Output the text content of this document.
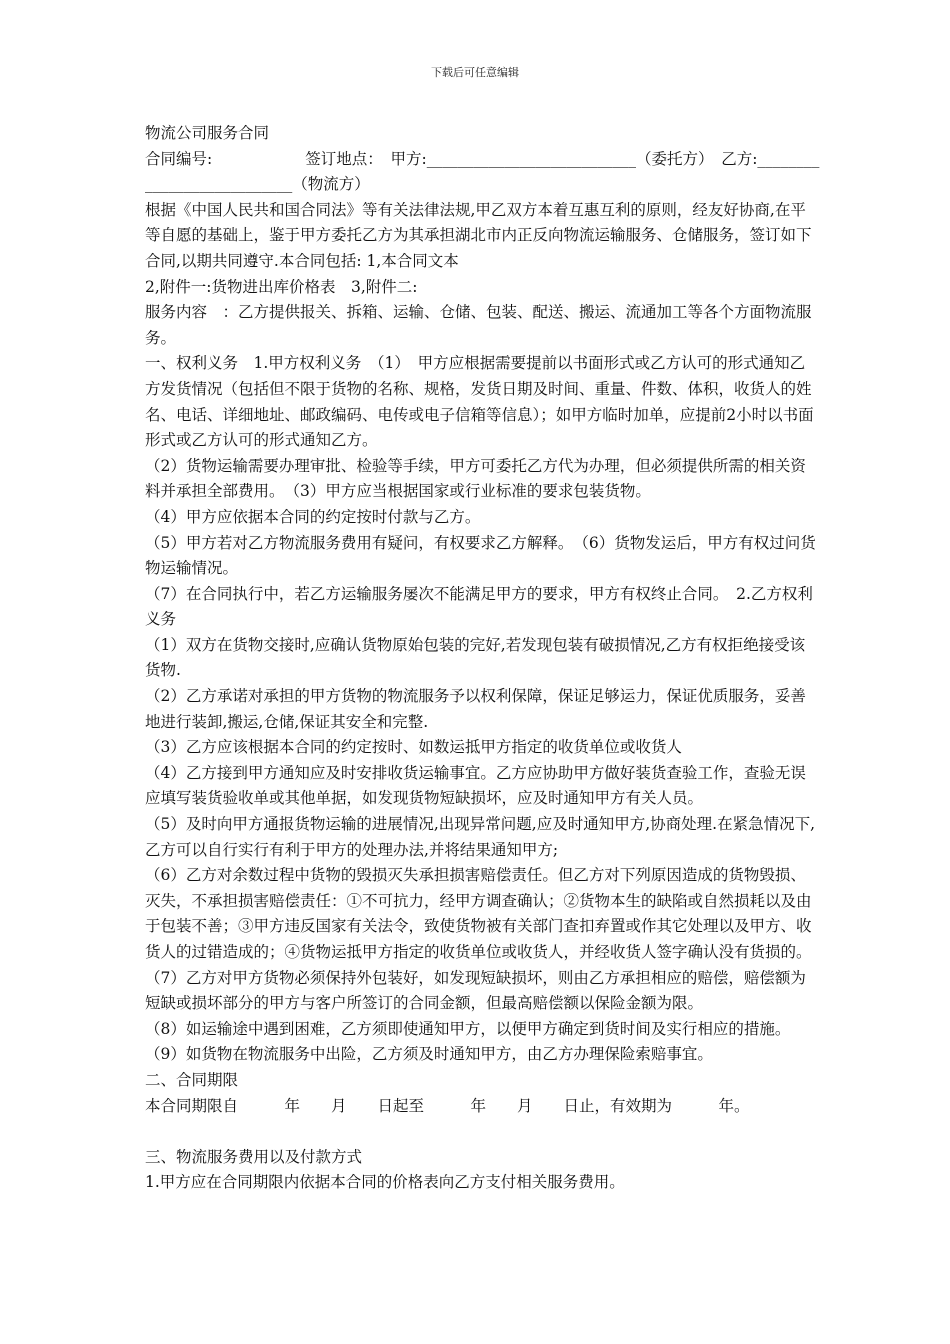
下载后可任意编辑

物流公司服务合同

合同编号:　　　　　　签订地点：　甲方:___________________________（委托方）　乙方:___________________________（物流方）

根据《中国人民共和国合同法》等有关法律法规,甲乙双方本着互惠互利的原则，经友好协商,在平等自愿的基础上，鉴于甲方委托乙方为其承担湖北市内正反向物流运输服务、仓储服务，签订如下合同,以期共同遵守.本合同包括: 1,本合同文本

2,附件一:货物进出库价格表　3,附件二:

服务内容　：乙方提供报关、拆箱、运输、仓储、包装、配送、搬运、流通加工等各个方面物流服务。

一、权利义务　1.甲方权利义务　（1）　甲方应根据需要提前以书面形式或乙方认可的形式通知乙方发货情况（包括但不限于货物的名称、规格，发货日期及时间、重量、件数、体积，收货人的姓名、电话、详细地址、邮政编码、电传或电子信箱等信息）；如甲方临时加单，应提前2小时以书面形式或乙方认可的形式通知乙方。

（2）货物运输需要办理审批、检验等手续，甲方可委托乙方代为办理，但必须提供所需的相关资料并承担全部费用。　（3）甲方应当根据国家或行业标准的要求包装货物。

（4）甲方应依据本合同的约定按时付款与乙方。

（5）甲方若对乙方物流服务费用有疑问，有权要求乙方解释。　（6）货物发运后，甲方有权过问货物运输情况。

（7）在合同执行中，若乙方运输服务屡次不能满足甲方的要求，甲方有权终止合同。　2.乙方权利义务

（1）双方在货物交接时,应确认货物原始包装的完好,若发现包装有破损情况,乙方有权拒绝接受该货物.

（2）乙方承诺对承担的甲方货物的物流服务予以权利保障，保证足够运力，保证优质服务，妥善地进行装卸,搬运,仓储,保证其安全和完整.

（3）乙方应该根据本合同的约定按时、如数运抵甲方指定的收货单位或收货人

（4）乙方接到甲方通知应及时安排收货运输事宜。乙方应协助甲方做好装货查验工作，查验无误应填写装货验收单或其他单据，如发现货物短缺损坏，应及时通知甲方有关人员。

（5）及时向甲方通报货物运输的进展情况,出现异常问题,应及时通知甲方,协商处理.在紧急情况下,乙方可以自行实行有利于甲方的处理办法,并将结果通知甲方;

（6）乙方对余数过程中货物的毁损灭失承担损害赔偿责任。但乙方对下列原因造成的货物毁损、灭失，不承担损害赔偿责任：①不可抗力，经甲方调查确认；②货物本生的缺陷或自然损耗以及由于包装不善；③甲方违反国家有关法令，致使货物被有关部门查扣弃置或作其它处理以及甲方、收货人的过错造成的；④货物运抵甲方指定的收货单位或收货人，并经收货人签字确认没有货损的。

（7）乙方对甲方货物必须保持外包装好，如发现短缺损坏，则由乙方承担相应的赔偿，赔偿额为短缺或损坏部分的甲方与客户所签订的合同金额，但最高赔偿额以保险金额为限。

（8）如运输途中遇到困难，乙方须即使通知甲方，以便甲方确定到货时间及实行相应的措施。

（9）如货物在物流服务中出险，乙方须及时通知甲方，由乙方办理保险索赔事宜。

二、合同期限

本合同期限自　　　年　　月　　日起至　　　年　　月　　日止，有效期为　　　年。

三、物流服务费用以及付款方式

1.甲方应在合同期限内依据本合同的价格表向乙方支付相关服务费用。
